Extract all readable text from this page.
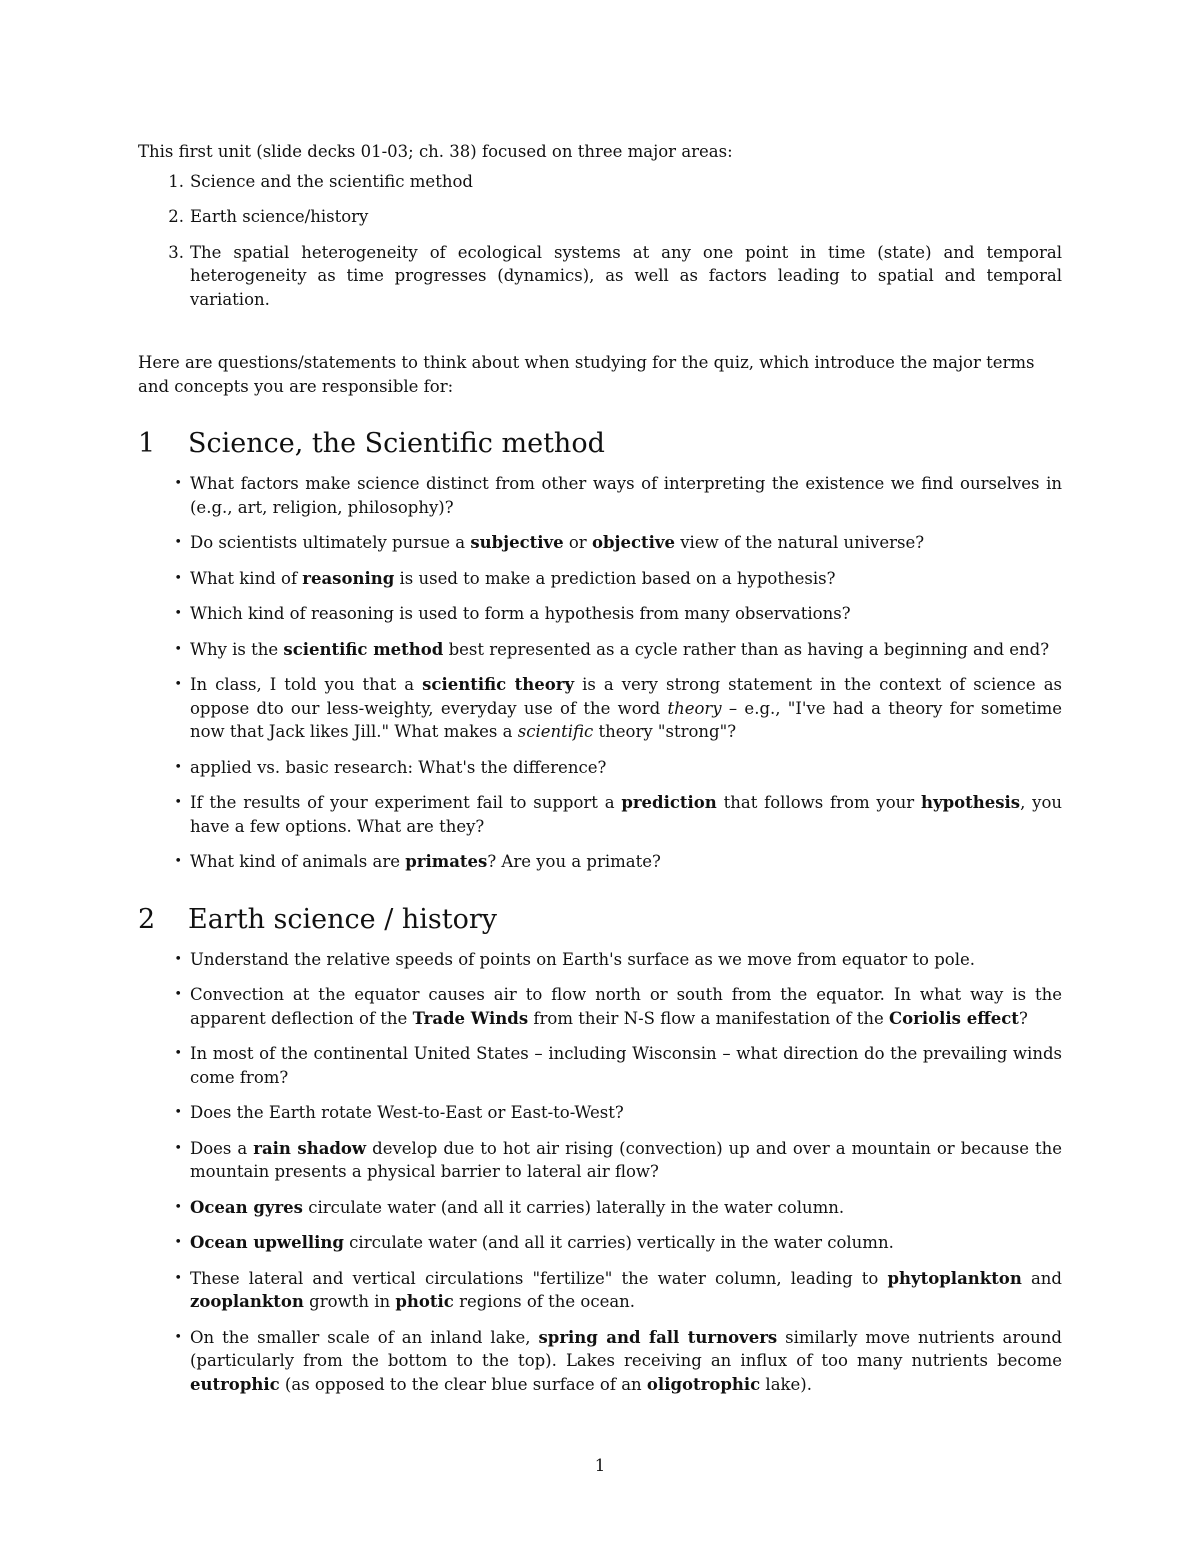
This first unit (slide decks 01-03; ch. 38) focused on three major areas:

1. Science and the scientific method
2. Earth science/history
3. The spatial heterogeneity of ecological systems at any one point in time (state) and temporal heterogeneity as time progresses (dynamics), as well as factors leading to spatial and temporal variation.

Here are questions/statements to think about when studying for the quiz, which introduce the major terms and concepts you are responsible for:

1	Science, the Scientific method
• What factors make science distinct from other ways of interpreting the existence we find ourselves in (e.g., art, religion, philosophy)?
• Do scientists ultimately pursue a subjective or objective view of the natural universe?
• What kind of reasoning is used to make a prediction based on a hypothesis?
• Which kind of reasoning is used to form a hypothesis from many observations?
• Why is the scientific method best represented as a cycle rather than as having a beginning and end?
• In class, I told you that a scientific theory is a very strong statement in the context of science as oppose dto our less-weighty, everyday use of the word theory – e.g., "I've had a theory for sometime now that Jack likes Jill." What makes a scientific theory "strong"?
• applied vs. basic research: What's the difference?
• If the results of your experiment fail to support a prediction that follows from your hypothesis, you have a few options. What are they?
• What kind of animals are primates? Are you a primate?
2	Earth science / history
• Understand the relative speeds of points on Earth's surface as we move from equator to pole.
• Convection at the equator causes air to flow north or south from the equator. In what way is the apparent deflection of the Trade Winds from their N-S flow a manifestation of the Coriolis effect?
• In most of the continental United States – including Wisconsin – what direction do the prevailing winds come from?
• Does the Earth rotate West-to-East or East-to-West?
• Does a rain shadow develop due to hot air rising (convection) up and over a mountain or because the mountain presents a physical barrier to lateral air flow?
• Ocean gyres circulate water (and all it carries) laterally in the water column.
• Ocean upwelling circulate water (and all it carries) vertically in the water column.
• These lateral and vertical circulations "fertilize" the water column, leading to phytoplankton and zooplankton growth in photic regions of the ocean.
• On the smaller scale of an inland lake, spring and fall turnovers similarly move nutrients around (particularly from the bottom to the top). Lakes receiving an influx of too many nutrients become eutrophic (as opposed to the clear blue surface of an oligotrophic lake).
1
